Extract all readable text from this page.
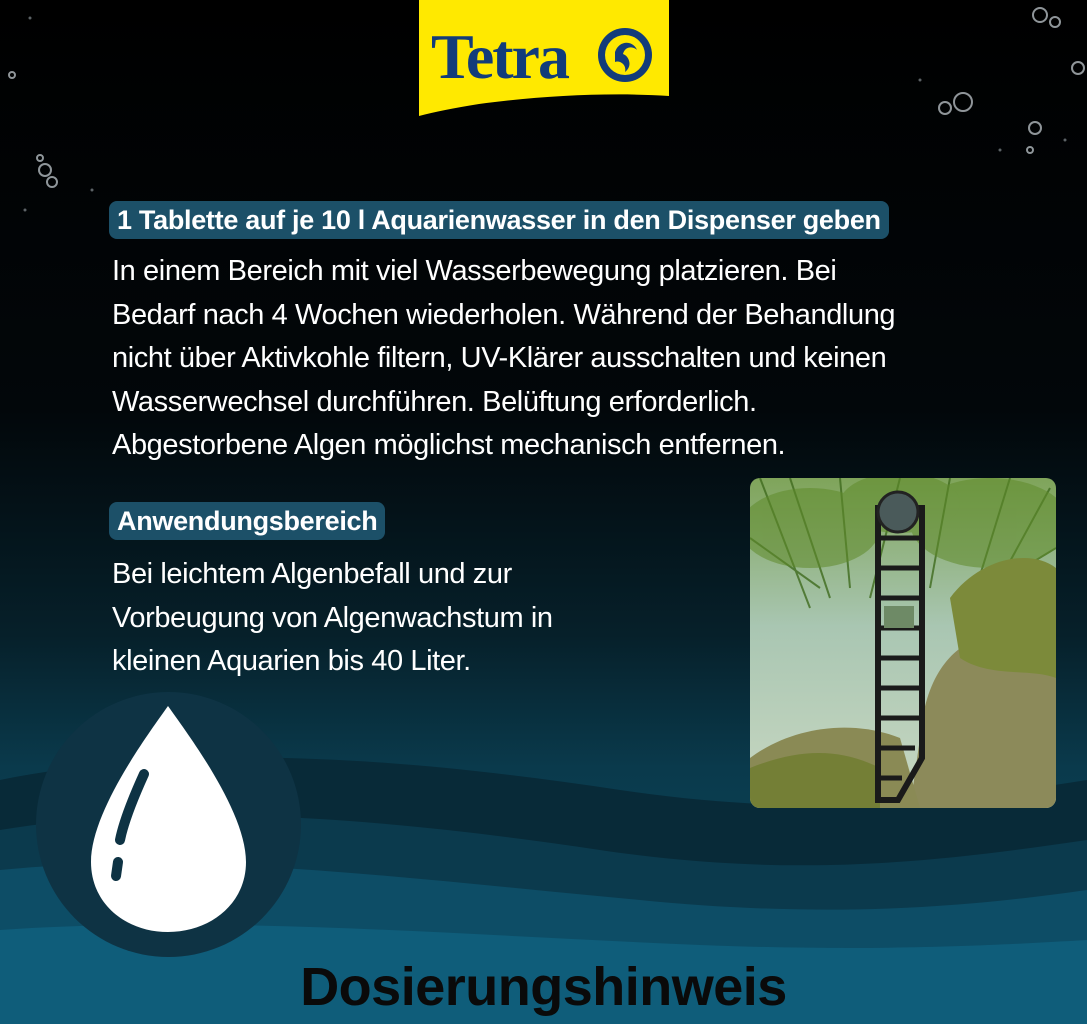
Tetra
1 Tablette auf je 10 l Aquarienwasser in den Dispenser geben
In einem Bereich mit viel Wasserbewegung platzieren. Bei
Bedarf nach 4 Wochen wiederholen. Während der Behandlung
nicht über Aktivkohle filtern, UV-Klärer ausschalten und keinen
Wasserwechsel durchführen. Belüftung erforderlich.
Abgestorbene Algen möglichst mechanisch entfernen.
Anwendungsbereich
Bei leichtem Algenbefall und zur
Vorbeugung von Algenwachstum in
kleinen Aquarien bis 40 Liter.
Dosierungshinweis
